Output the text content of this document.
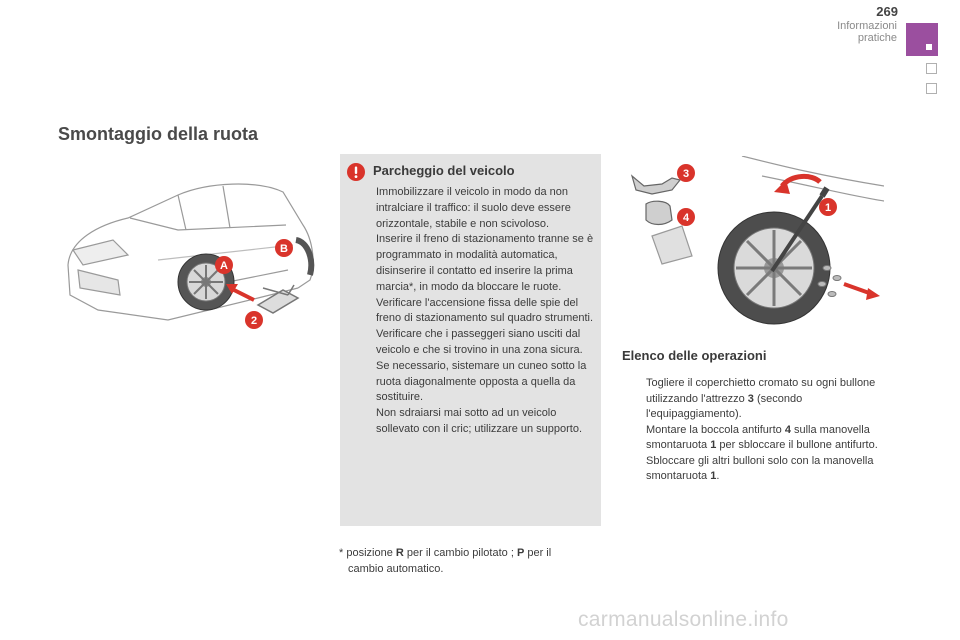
269
Informazioni pratiche
Smontaggio della ruota
A
B
2
Parcheggio del veicolo
Immobilizzare il veicolo in modo da non intralciare il traffico: il suolo deve essere orizzontale, stabile e non scivoloso.
Inserire il freno di stazionamento tranne se è programmato in modalità automatica, disinserire il contatto ed inserire la prima marcia*, in modo da bloccare le ruote.
Verificare l'accensione fissa delle spie del freno di stazionamento sul quadro strumenti.
Verificare che i passeggeri siano usciti dal veicolo e che si trovino in una zona sicura.
Se necessario, sistemare un cuneo sotto la ruota diagonalmente opposta a quella da sostituire.
Non sdraiarsi mai sotto ad un veicolo sollevato con il cric; utilizzare un supporto.
* posizione R per il cambio pilotato ; P per il
cambio automatico.
3
4
1
Elenco delle operazioni
Togliere il coperchietto cromato su ogni bullone utilizzando l'attrezzo 3 (secondo l'equipaggiamento).
Montare la boccola antifurto 4 sulla manovella smontaruota 1 per sbloccare il bullone antifurto.
Sbloccare gli altri bulloni solo con la manovella smontaruota 1.
carmanualsonline.info
